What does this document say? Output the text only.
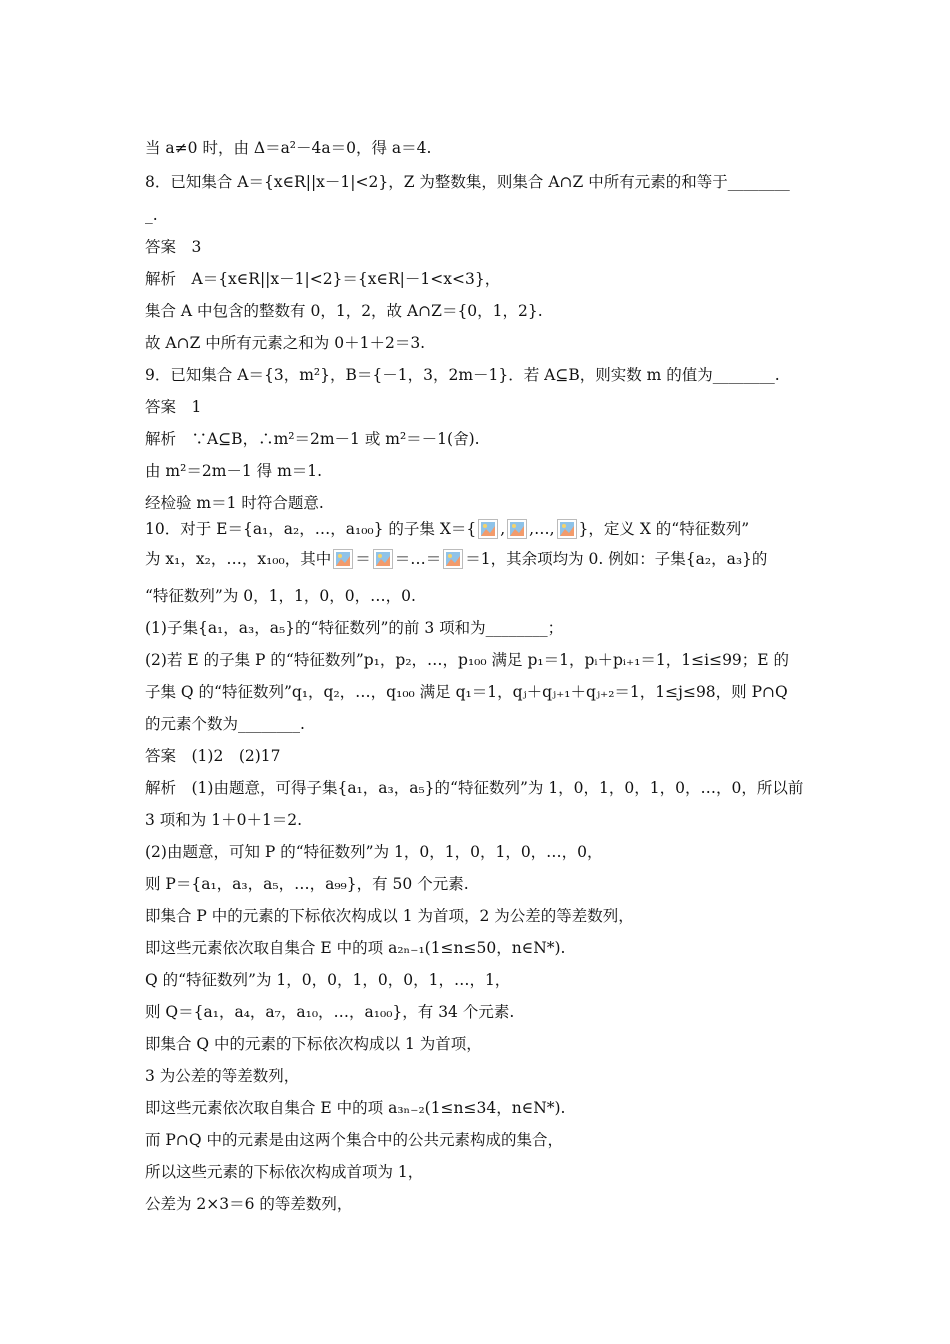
当 a≠0 时，由 Δ＝a²－4a＝0，得 a＝4.
8．已知集合 A＝{x∈R||x－1|<2}，Z 为整数集，则集合 A∩Z 中所有元素的和等于________
_.
答案　3
解析　A＝{x∈R||x－1|<2}＝{x∈R|－1<x<3}，
集合 A 中包含的整数有 0，1，2，故 A∩Z＝{0，1，2}.
故 A∩Z 中所有元素之和为 0＋1＋2＝3.
9．已知集合 A＝{3，m²}，B＝{－1，3，2m－1}．若 A⊆B，则实数 m 的值为________.
答案　1
解析　∵A⊆B，∴m²＝2m－1 或 m²＝－1(舍).
由 m²＝2m－1 得 m＝1.
经检验 m＝1 时符合题意.
10．对于 E＝{a₁，a₂，…，a₁₀₀} 的子集 X＝{ , ,…, }，定义 X 的“特征数列”
为 x₁，x₂，…，x₁₀₀，其中 ＝ ＝…＝ ＝1，其余项均为 0. 例如：子集{a₂，a₃}的
“特征数列”为 0，1，1，0，0，…，0.
(1)子集{a₁，a₃，a₅}的“特征数列”的前 3 项和为________；
(2)若 E 的子集 P 的“特征数列”p₁，p₂，…，p₁₀₀ 满足 p₁＝1，pᵢ＋pᵢ₊₁＝1，1≤i≤99；E 的
子集 Q 的“特征数列”q₁，q₂，…，q₁₀₀ 满足 q₁＝1，qⱼ＋qⱼ₊₁＋qⱼ₊₂＝1，1≤j≤98，则 P∩Q
的元素个数为________.
答案　(1)2　(2)17
解析　(1)由题意，可得子集{a₁，a₃，a₅}的“特征数列”为 1，0，1，0，1，0，…，0，所以前
3 项和为 1＋0＋1＝2.
(2)由题意，可知 P 的“特征数列”为 1，0，1，0，1，0，…，0，
则 P＝{a₁，a₃，a₅，…，a₉₉}，有 50 个元素.
即集合 P 中的元素的下标依次构成以 1 为首项，2 为公差的等差数列，
即这些元素依次取自集合 E 中的项 a₂ₙ₋₁(1≤n≤50，n∈N*).
Q 的“特征数列”为 1，0，0，1，0，0，1，…，1，
则 Q＝{a₁，a₄，a₇，a₁₀，…，a₁₀₀}，有 34 个元素.
即集合 Q 中的元素的下标依次构成以 1 为首项，
3 为公差的等差数列，
即这些元素依次取自集合 E 中的项 a₃ₙ₋₂(1≤n≤34，n∈N*).
而 P∩Q 中的元素是由这两个集合中的公共元素构成的集合，
所以这些元素的下标依次构成首项为 1，
公差为 2×3＝6 的等差数列，
